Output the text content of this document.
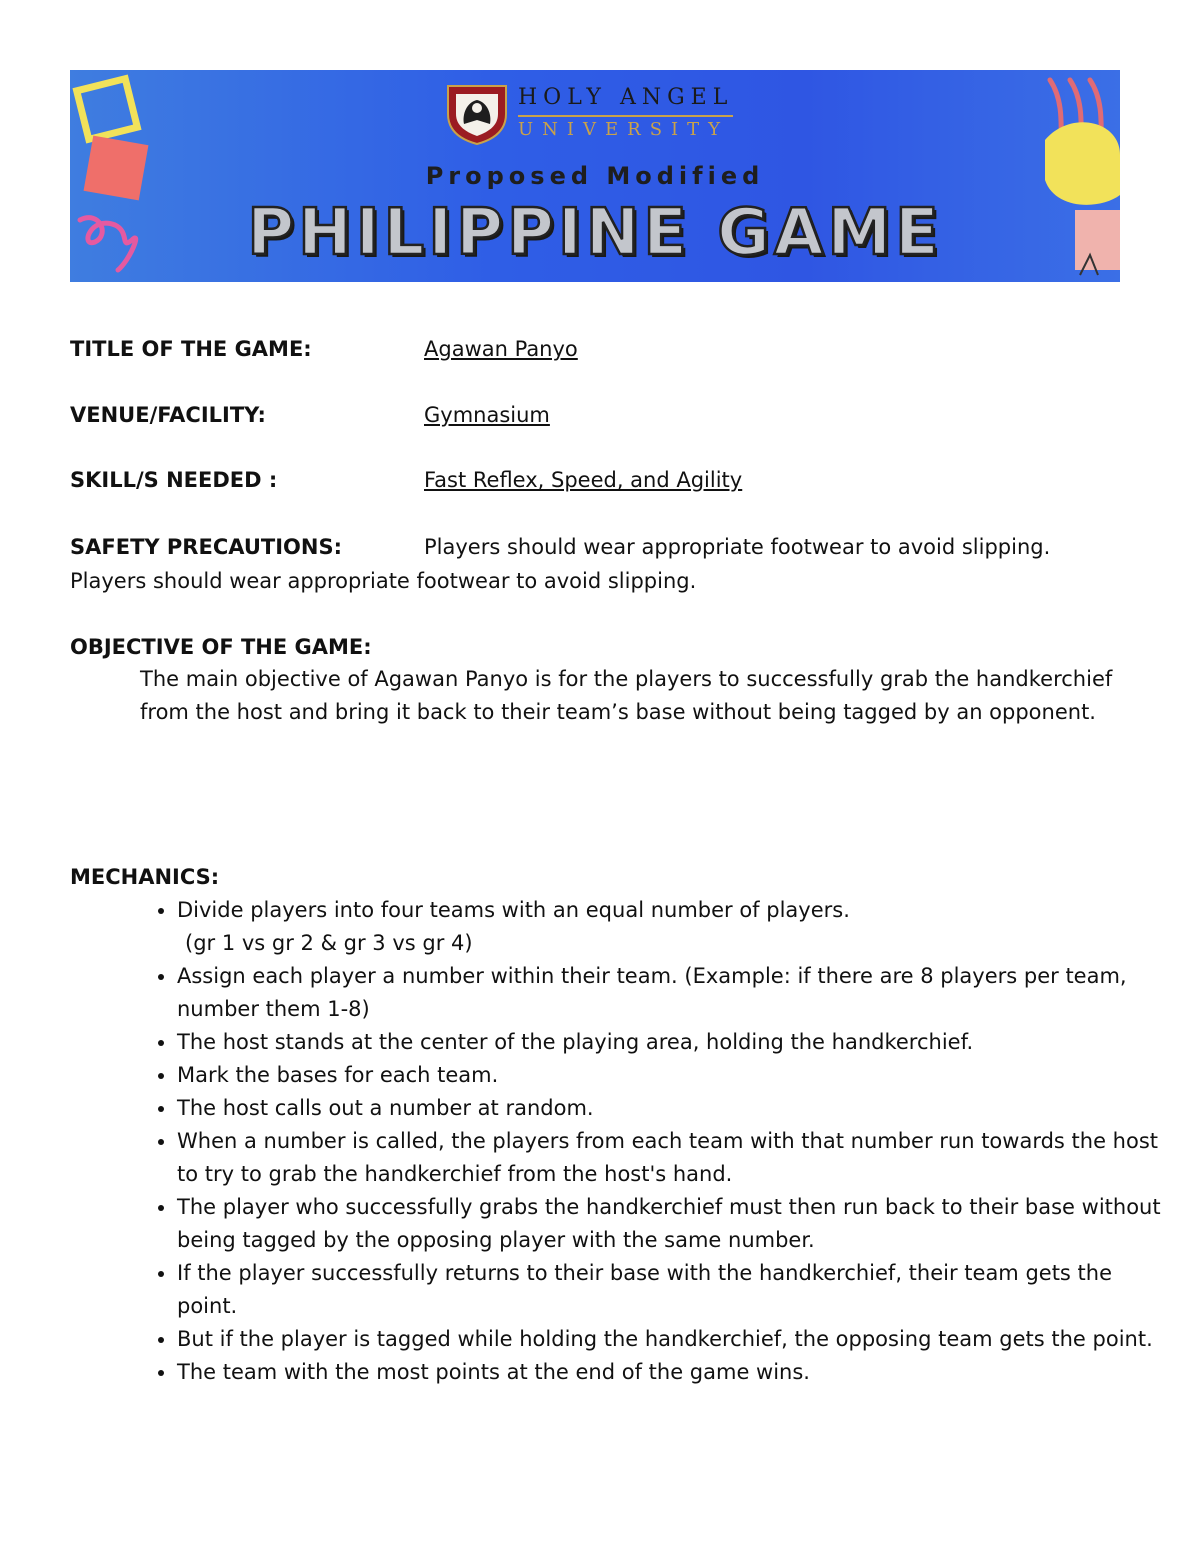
HOLY ANGEL
UNIVERSITY
Proposed Modified
PHILIPPINE GAME
TITLE OF THE GAME:	Agawan Panyo
VENUE/FACILITY:	Gymnasium
SKILL/S NEEDED :	Fast Reflex, Speed, and Agility
SAFETY PRECAUTIONS:	Players should wear appropriate footwear to avoid slipping.
Players should wear appropriate footwear to avoid slipping.
OBJECTIVE OF THE GAME:
The main objective of Agawan Panyo is for the players to successfully grab the handkerchief from the host and bring it back to their team’s base without being tagged by an opponent.
MECHANICS:
• Divide players into four teams with an equal number of players.
(gr 1 vs gr 2 & gr 3 vs gr 4)
• Assign each player a number within their team. (Example: if there are 8 players per team, number them 1-8)
• The host stands at the center of the playing area, holding the handkerchief.
• Mark the bases for each team.
• The host calls out a number at random.
• When a number is called, the players from each team with that number run towards the host to try to grab the handkerchief from the host's hand.
• The player who successfully grabs the handkerchief must then run back to their base without being tagged by the opposing player with the same number.
• If the player successfully returns to their base with the handkerchief, their team gets the point.
• But if the player is tagged while holding the handkerchief, the opposing team gets the point.
• The team with the most points at the end of the game wins.
